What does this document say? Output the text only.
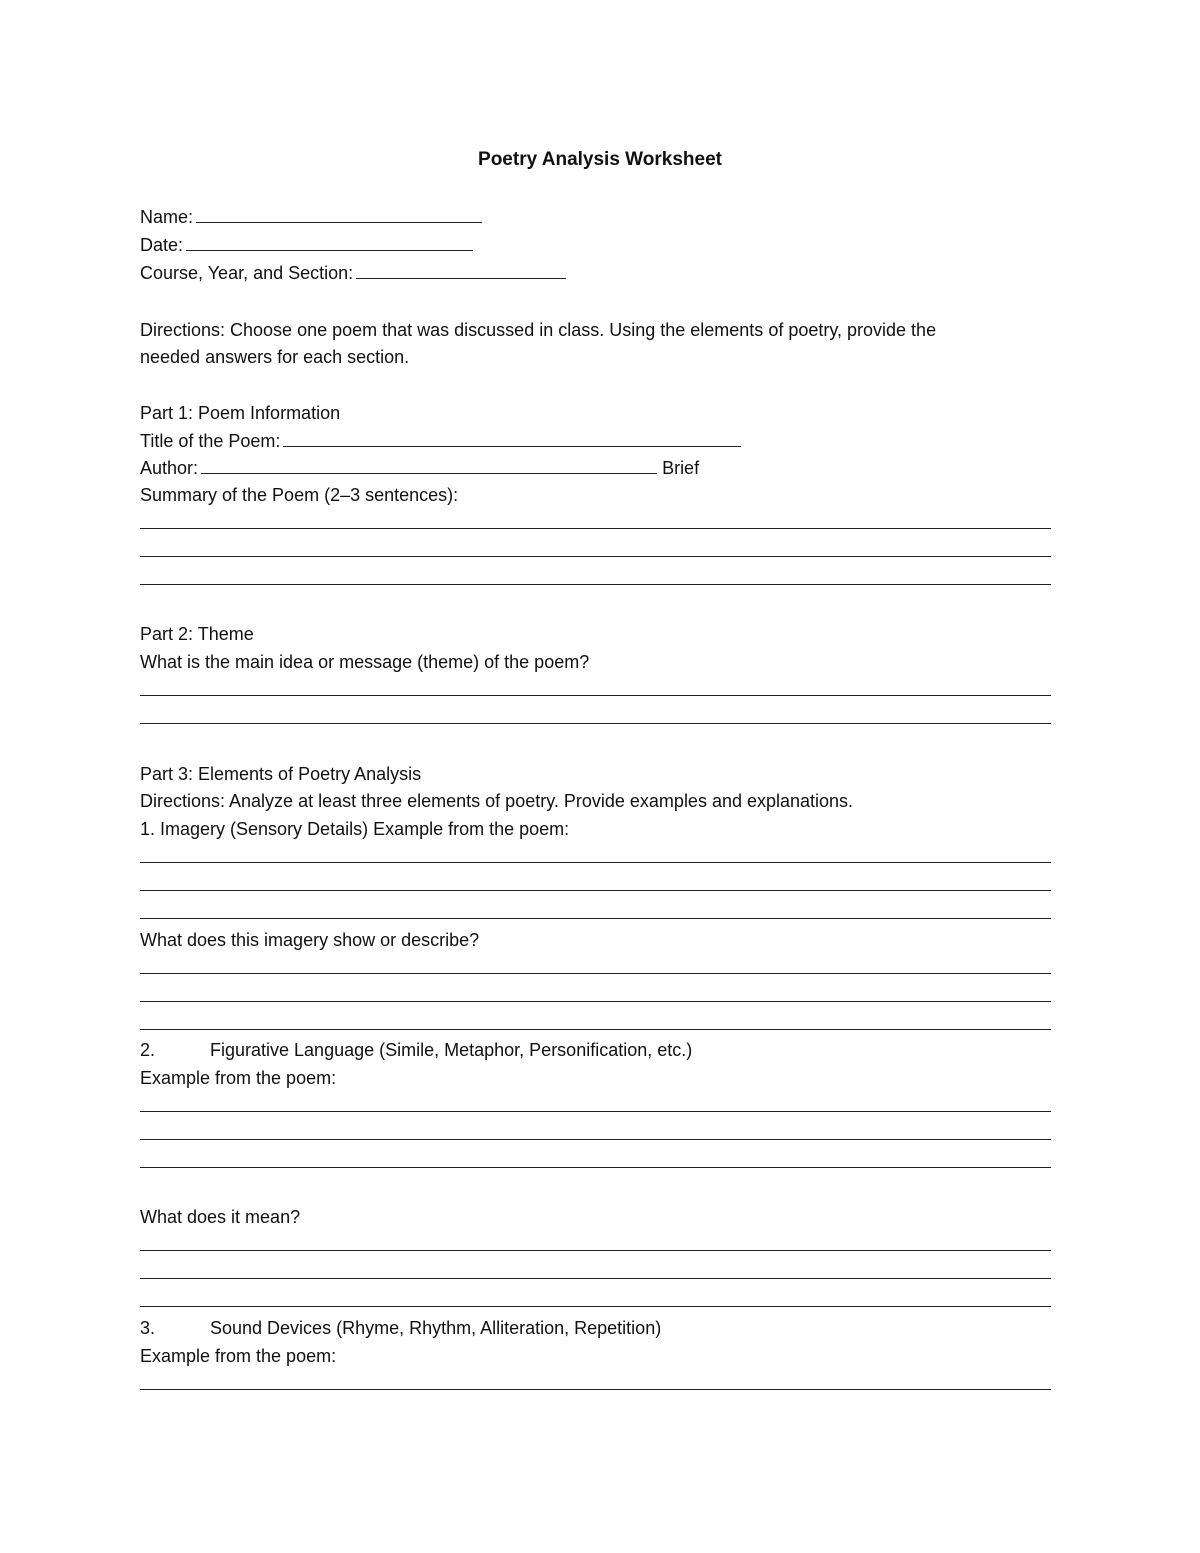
Poetry Analysis Worksheet
Name:
Date:
Course, Year, and Section:
Directions: Choose one poem that was discussed in class. Using the elements of poetry, provide the
needed answers for each section.
Part 1: Poem Information
Title of the Poem:
Author:	Brief
Summary of the Poem (2–3 sentences):
Part 2: Theme
What is the main idea or message (theme) of the poem?
Part 3: Elements of Poetry Analysis
Directions: Analyze at least three elements of poetry. Provide examples and explanations.
1. Imagery (Sensory Details) Example from the poem:
What does this imagery show or describe?
2.	Figurative Language (Simile, Metaphor, Personification, etc.)
Example from the poem:
What does it mean?
3.	Sound Devices (Rhyme, Rhythm, Alliteration, Repetition)
Example from the poem:
